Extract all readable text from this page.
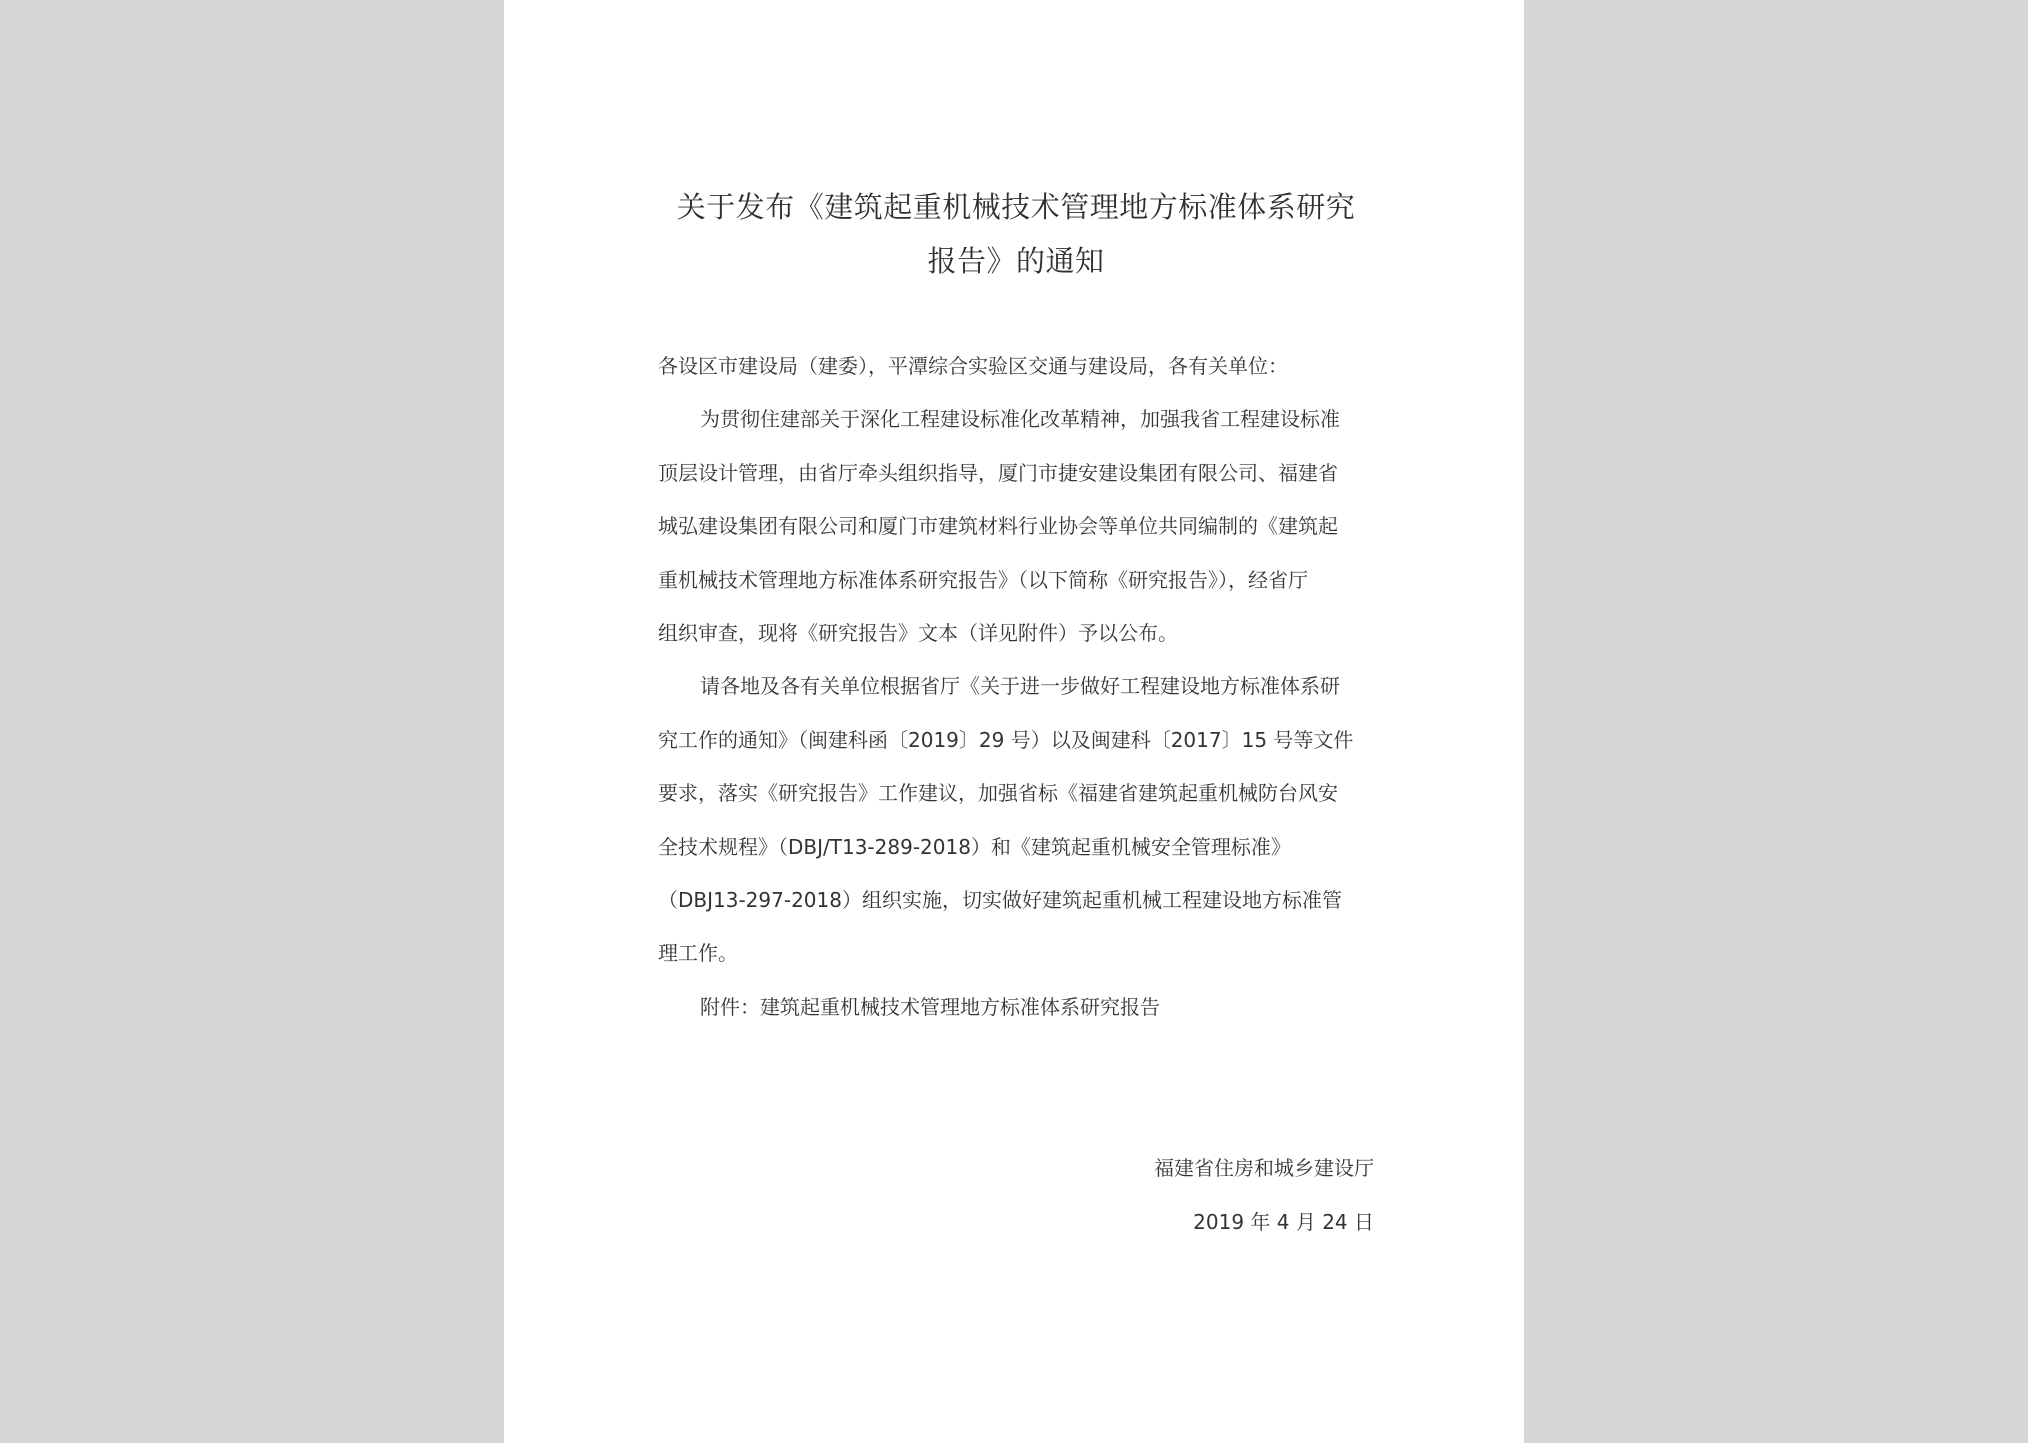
关于发布《建筑起重机械技术管理地方标准体系研究
报告》的通知
各设区市建设局（建委），平潭综合实验区交通与建设局，各有关单位：
为贯彻住建部关于深化工程建设标准化改革精神，加强我省工程建设标准
顶层设计管理，由省厅牵头组织指导，厦门市捷安建设集团有限公司、福建省
城弘建设集团有限公司和厦门市建筑材料行业协会等单位共同编制的《建筑起
重机械技术管理地方标准体系研究报告》（以下简称《研究报告》），经省厅
组织审查，现将《研究报告》文本（详见附件）予以公布。
请各地及各有关单位根据省厅《关于进一步做好工程建设地方标准体系研
究工作的通知》（闽建科函〔2019〕29 号）以及闽建科〔2017〕15 号等文件
要求，落实《研究报告》工作建议，加强省标《福建省建筑起重机械防台风安
全技术规程》（DBJ/T13-289-2018）和《建筑起重机械安全管理标准》
（DBJ13-297-2018）组织实施，切实做好建筑起重机械工程建设地方标准管
理工作。
附件：建筑起重机械技术管理地方标准体系研究报告
福建省住房和城乡建设厅
2019 年 4 月 24 日
